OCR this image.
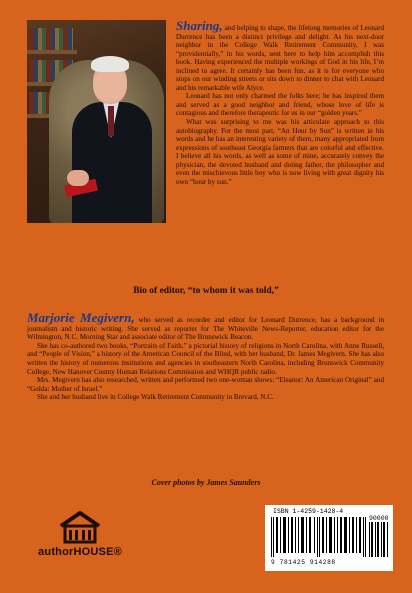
Sharing, and helping to shape, the lifelong memories of Leonard Durrence has been a distinct privilege and delight. As his next-door neighbor in the College Walk Retirement Community, I was “providentially,” in his words, sent here to help him accomplish this book. Having experienced the multiple workings of God in his life, I’m inclined to agree. It certainly has been fun, as it is for everyone who stops on our winding streets or sits down to dinner to chat with Leonard and his remarkable wife Alyce.

Leonard has not only charmed the folks here; he has inspired them and served as a good neighbor and friend, whose love of life is contagious and therefore therapeutic for us in our “golden years.”

What was surprising to me was his articulate approach to this autobiography. For the most part, “An Hour by Sun” is written in his words and he has an interesting variety of them, many appropriated from expressions of southeast Georgia farmers that are colorful and effective. I believe all his words, as well as some of mine, accurately convey the physician, the devoted husband and doting father, the philosopher and even the mischievous little boy who is now living with great dignity his own “hour by sun.”

Bio of editor, “to whom it was told,”

Marjorie Megivern, who served as recorder and editor for Leonard Durrence, has a background in journalism and historic writing. She served as reporter for The Whiteville News-Reporter, education editor for the Wilmington, N.C. Morning Star and associate editor of The Brunswick Beacon.

She has co-authored two books, “Portraits of Faith,” a pictorial history of religions in North Carolina, with Anne Russell, and “People of Vision,” a history of the American Council of the Blind, with her husband, Dr. James Megivern. She has also written the history of numerous institutions and agencies in southeastern North Carolina, including Brunswick Community College, New Hanover County Human Relations Commission and WHQR public radio.

Mrs. Megivern has also researched, written and performed two one-woman shows: “Eleanor: An American Original” and “Golda: Mother of Israel.”

She and her husband live in College Walk Retirement Community in Brevard, N.C.

Cover photos by James Saunders
authorHOUSE®
ISBN 1-4259-1428-4
90000
9 781425 914288
